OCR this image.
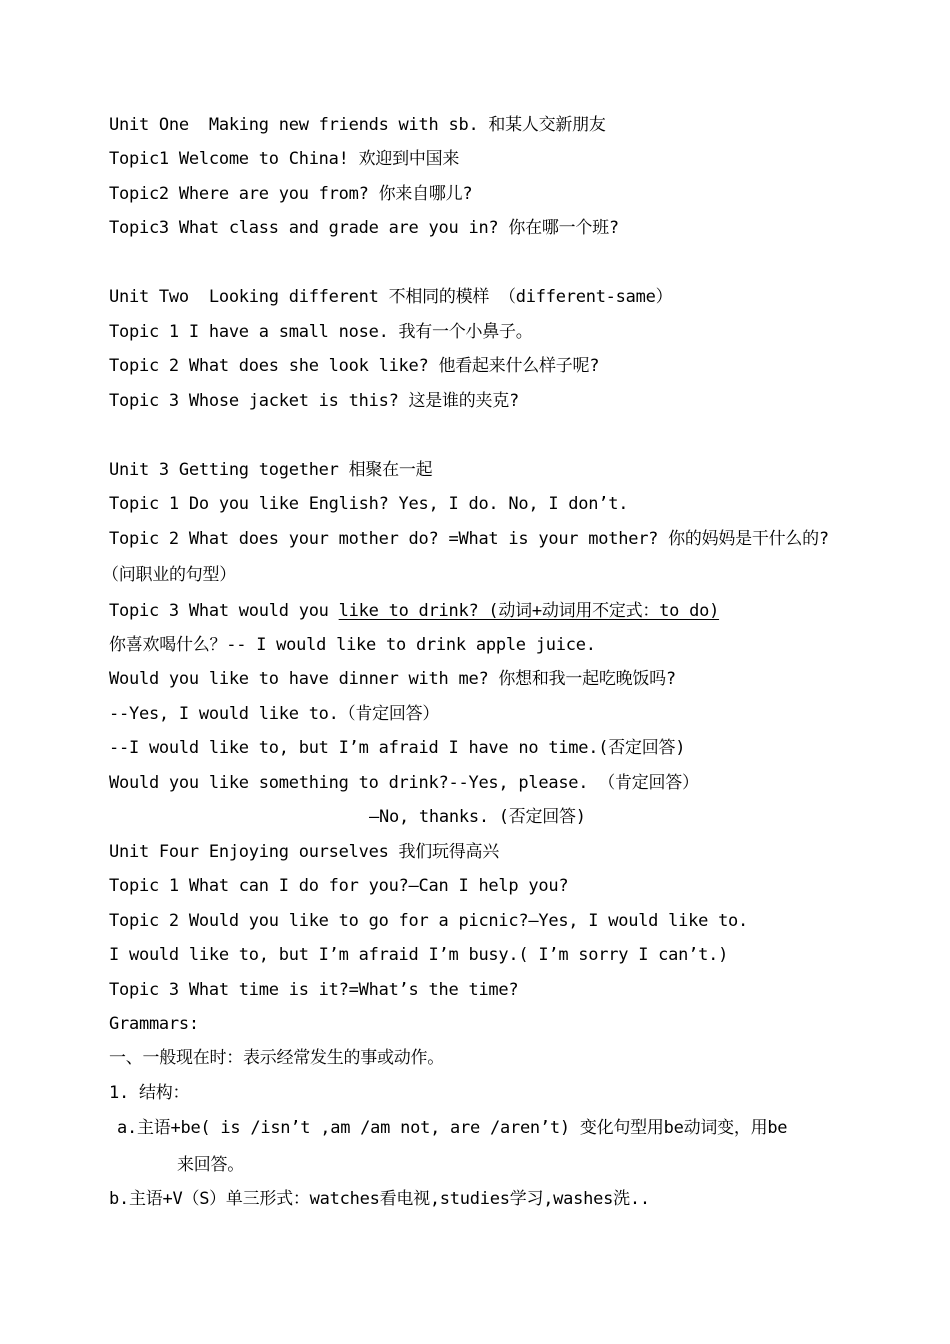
Unit One  Making new friends with sb. 和某人交新朋友
Topic1 Welcome to China! 欢迎到中国来
Topic2 Where are you from? 你来自哪儿?
Topic3 What class and grade are you in? 你在哪一个班?
Unit Two  Looking different 不相同的模样 （different-same）
Topic 1 I have a small nose. 我有一个小鼻子。
Topic 2 What does she look like? 他看起来什么样子呢?
Topic 3 Whose jacket is this? 这是谁的夹克?
Unit 3 Getting together 相聚在一起
Topic 1 Do you like English? Yes, I do. No, I don’t.
Topic 2 What does your mother do? =What is your mother? 你的妈妈是干什么的?
（问职业的句型）
Topic 3 What would you like to drink? (动词+动词用不定式：to do)
你喜欢喝什么？-- I would like to drink apple juice.
Would you like to have dinner with me? 你想和我一起吃晚饭吗?
--Yes, I would like to.（肯定回答）
--I would like to, but I’m afraid I have no time.(否定回答)
Would you like something to drink?--Yes, please. （肯定回答）
—No, thanks. (否定回答)
Unit Four Enjoying ourselves 我们玩得高兴
Topic 1 What can I do for you?—Can I help you?
Topic 2 Would you like to go for a picnic?—Yes, I would like to.
I would like to, but I’m afraid I’m busy.( I’m sorry I can’t.)
Topic 3 What time is it?=What’s the time?
Grammars:
一、一般现在时：表示经常发生的事或动作。
1. 结构：
a.主语+be( is /isn’t ,am /am not, are /aren’t) 变化句型用be动词变，用be
来回答。
b.主语+V（S）单三形式：watches看电视,studies学习,washes洗..
